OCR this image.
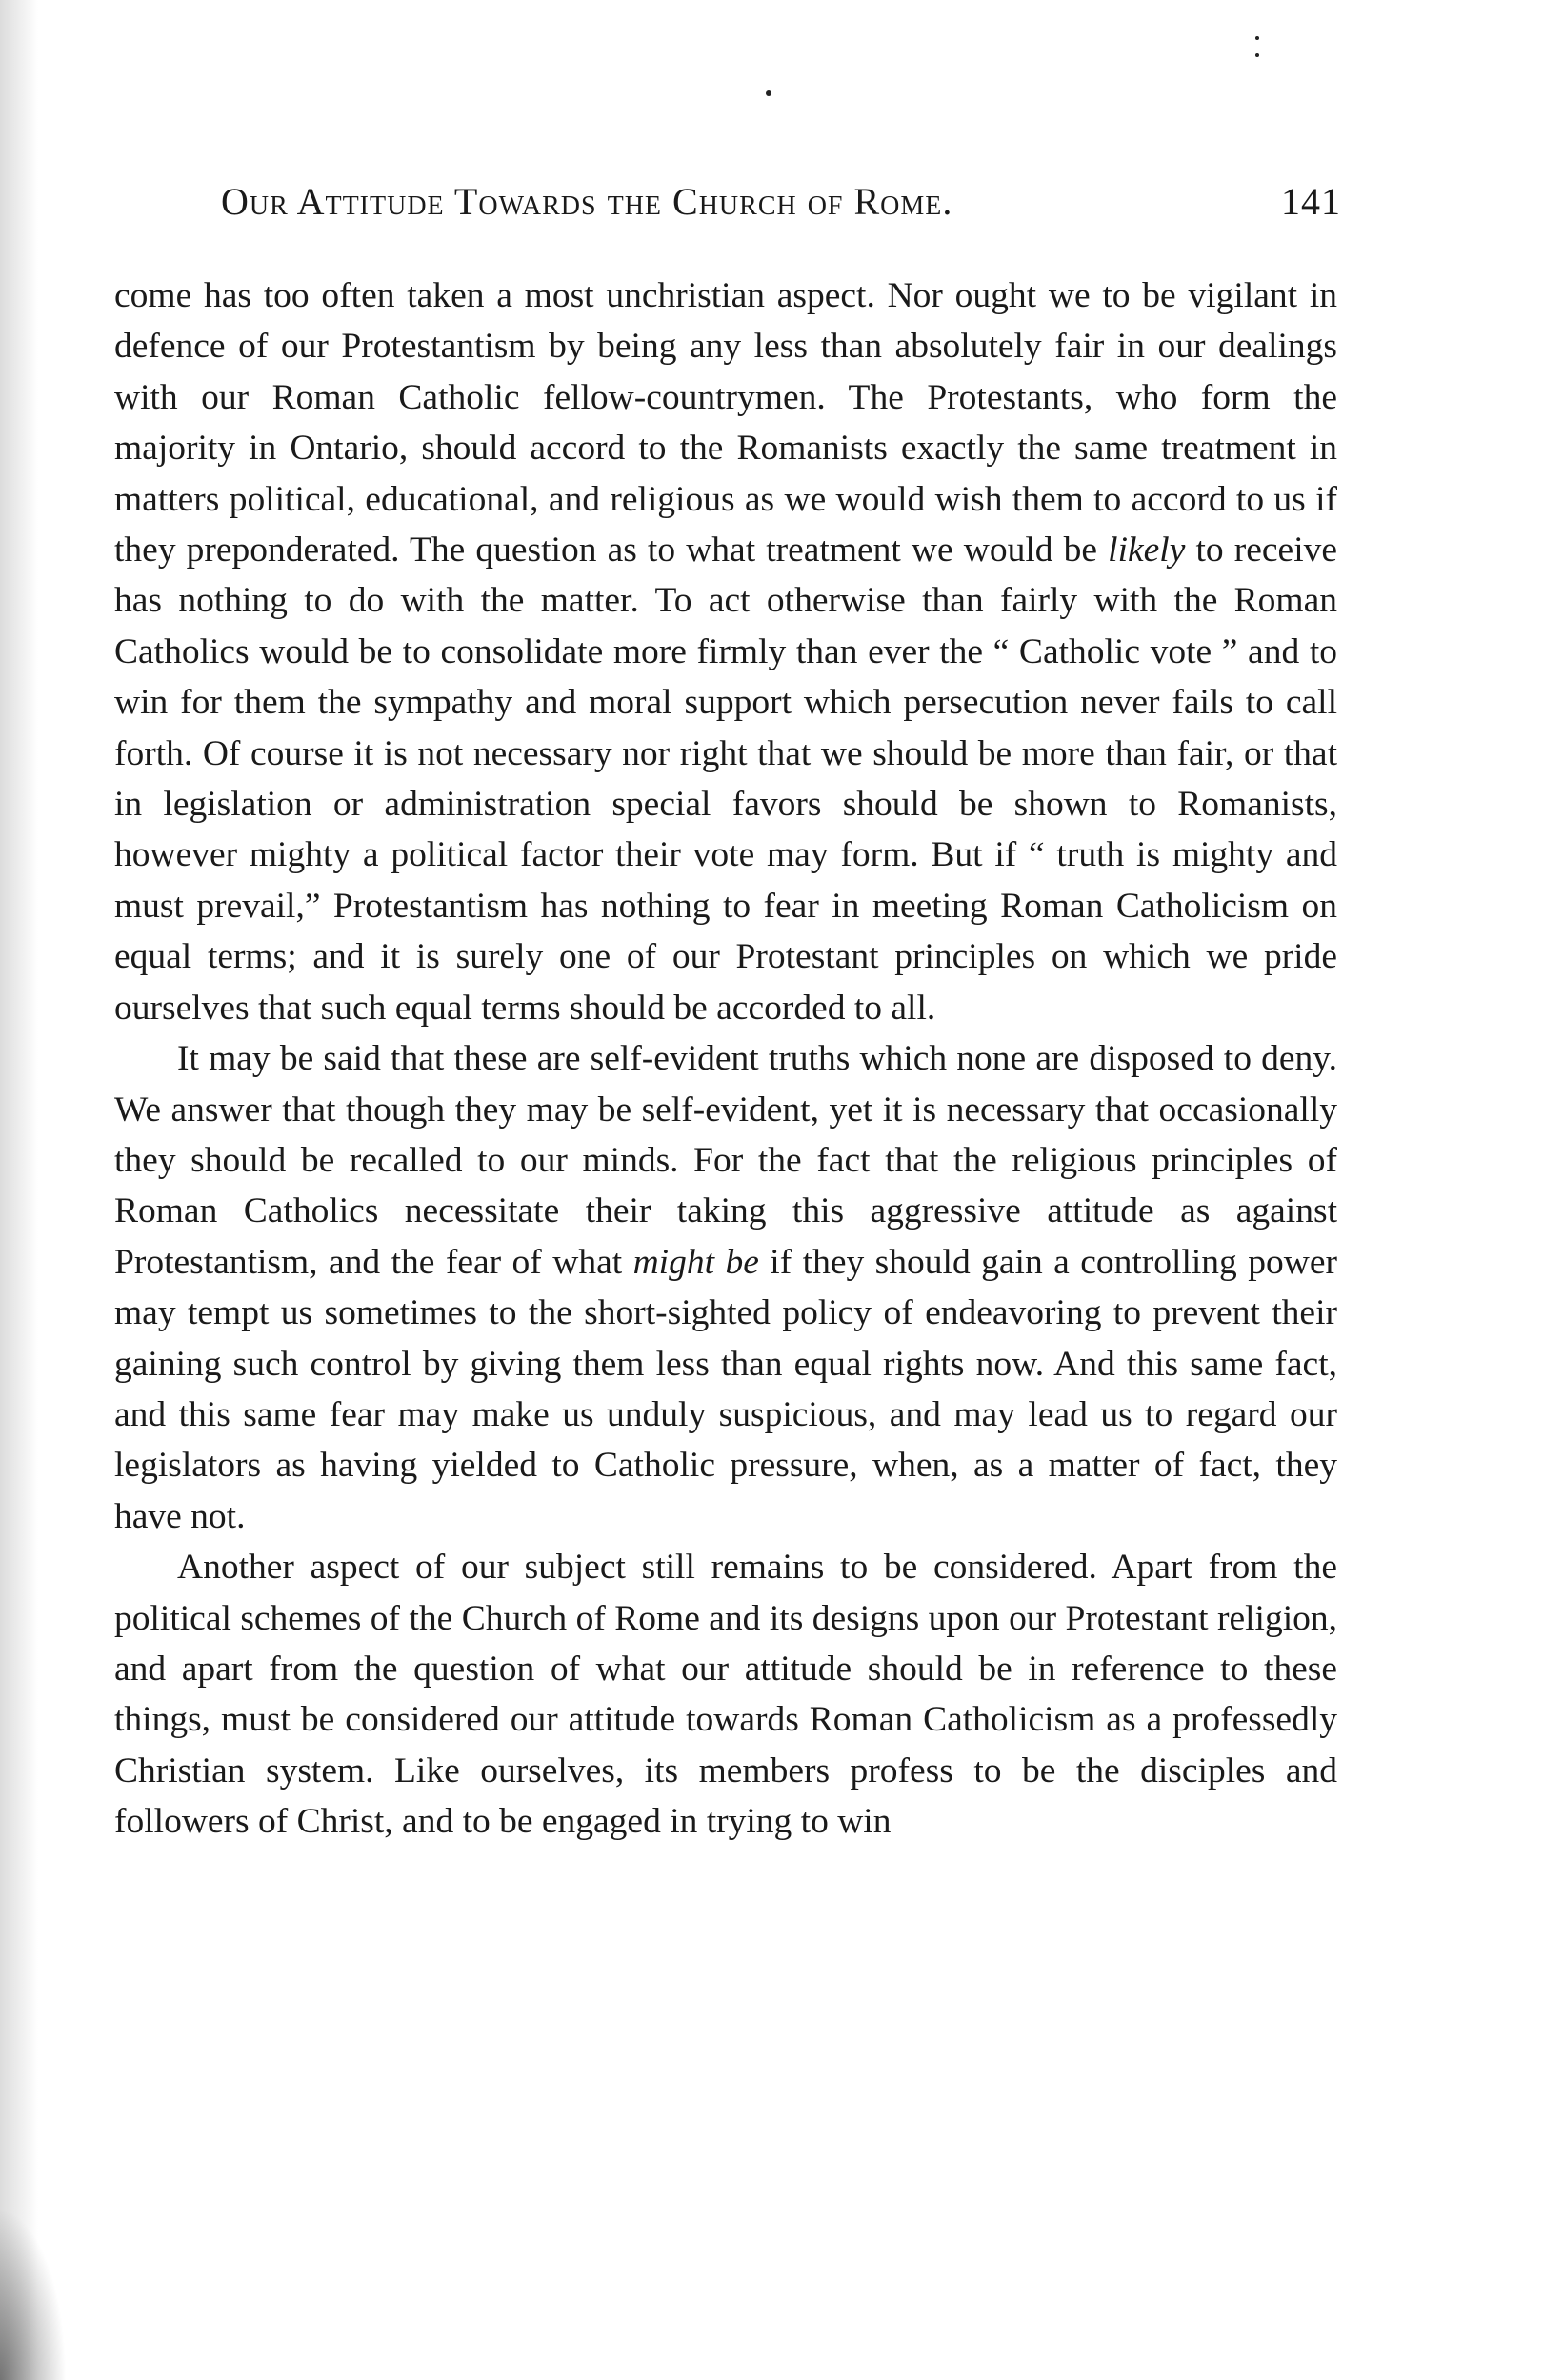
Our Attitude Towards the Church of Rome.	141

come has too often taken a most unchristian aspect. Nor ought we to be vigilant in defence of our Protestantism by being any less than absolutely fair in our dealings with our Roman Catholic fellow-countrymen. The Protestants, who form the majority in Ontario, should accord to the Romanists exactly the same treatment in matters political, educational, and religious as we would wish them to accord to us if they preponderated. The question as to what treatment we would be likely to receive has nothing to do with the matter. To act otherwise than fairly with the Roman Catholics would be to consolidate more firmly than ever the “ Catholic vote ” and to win for them the sympathy and moral support which persecution never fails to call forth. Of course it is not necessary nor right that we should be more than fair, or that in legislation or administration special favors should be shown to Romanists, however mighty a political factor their vote may form. But if “ truth is mighty and must prevail,” Protestantism has nothing to fear in meeting Roman Catholicism on equal terms; and it is surely one of our Protestant principles on which we pride ourselves that such equal terms should be accorded to all.

It may be said that these are self-evident truths which none are disposed to deny. We answer that though they may be self-evident, yet it is necessary that occasionally they should be recalled to our minds. For the fact that the religious principles of Roman Catholics necessitate their taking this aggressive attitude as against Protestantism, and the fear of what might be if they should gain a controlling power may tempt us sometimes to the short-sighted policy of endeavoring to prevent their gaining such control by giving them less than equal rights now. And this same fact, and this same fear may make us unduly suspicious, and may lead us to regard our legislators as having yielded to Catholic pressure, when, as a matter of fact, they have not.

Another aspect of our subject still remains to be considered. Apart from the political schemes of the Church of Rome and its designs upon our Protestant religion, and apart from the question of what our attitude should be in reference to these things, must be considered our attitude towards Roman Catholicism as a professedly Christian system. Like ourselves, its members profess to be the disciples and followers of Christ, and to be engaged in trying to win
